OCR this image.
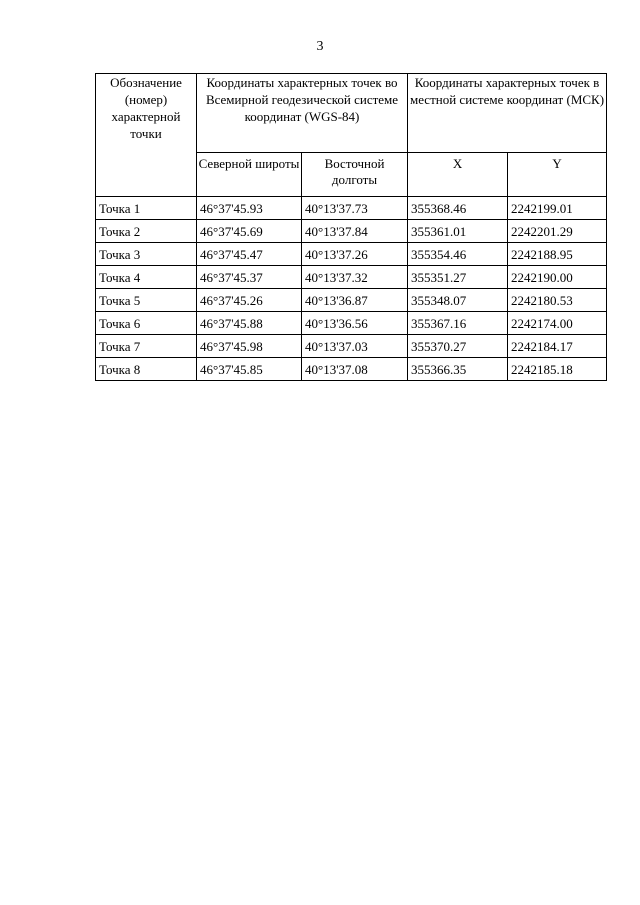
3
Обозначение (номер) характерной точки	Координаты характерных точек во Всемирной геодезической системе координат (WGS-84)		Координаты характерных точек в местной системе координат (МСК)	
	Северной широты	Восточной долготы	X	Y
Точка 1	46°37'45.93	40°13'37.73	355368.46	2242199.01
Точка 2	46°37'45.69	40°13'37.84	355361.01	2242201.29
Точка 3	46°37'45.47	40°13'37.26	355354.46	2242188.95
Точка 4	46°37'45.37	40°13'37.32	355351.27	2242190.00
Точка 5	46°37'45.26	40°13'36.87	355348.07	2242180.53
Точка 6	46°37'45.88	40°13'36.56	355367.16	2242174.00
Точка 7	46°37'45.98	40°13'37.03	355370.27	2242184.17
Точка 8	46°37'45.85	40°13'37.08	355366.35	2242185.18
